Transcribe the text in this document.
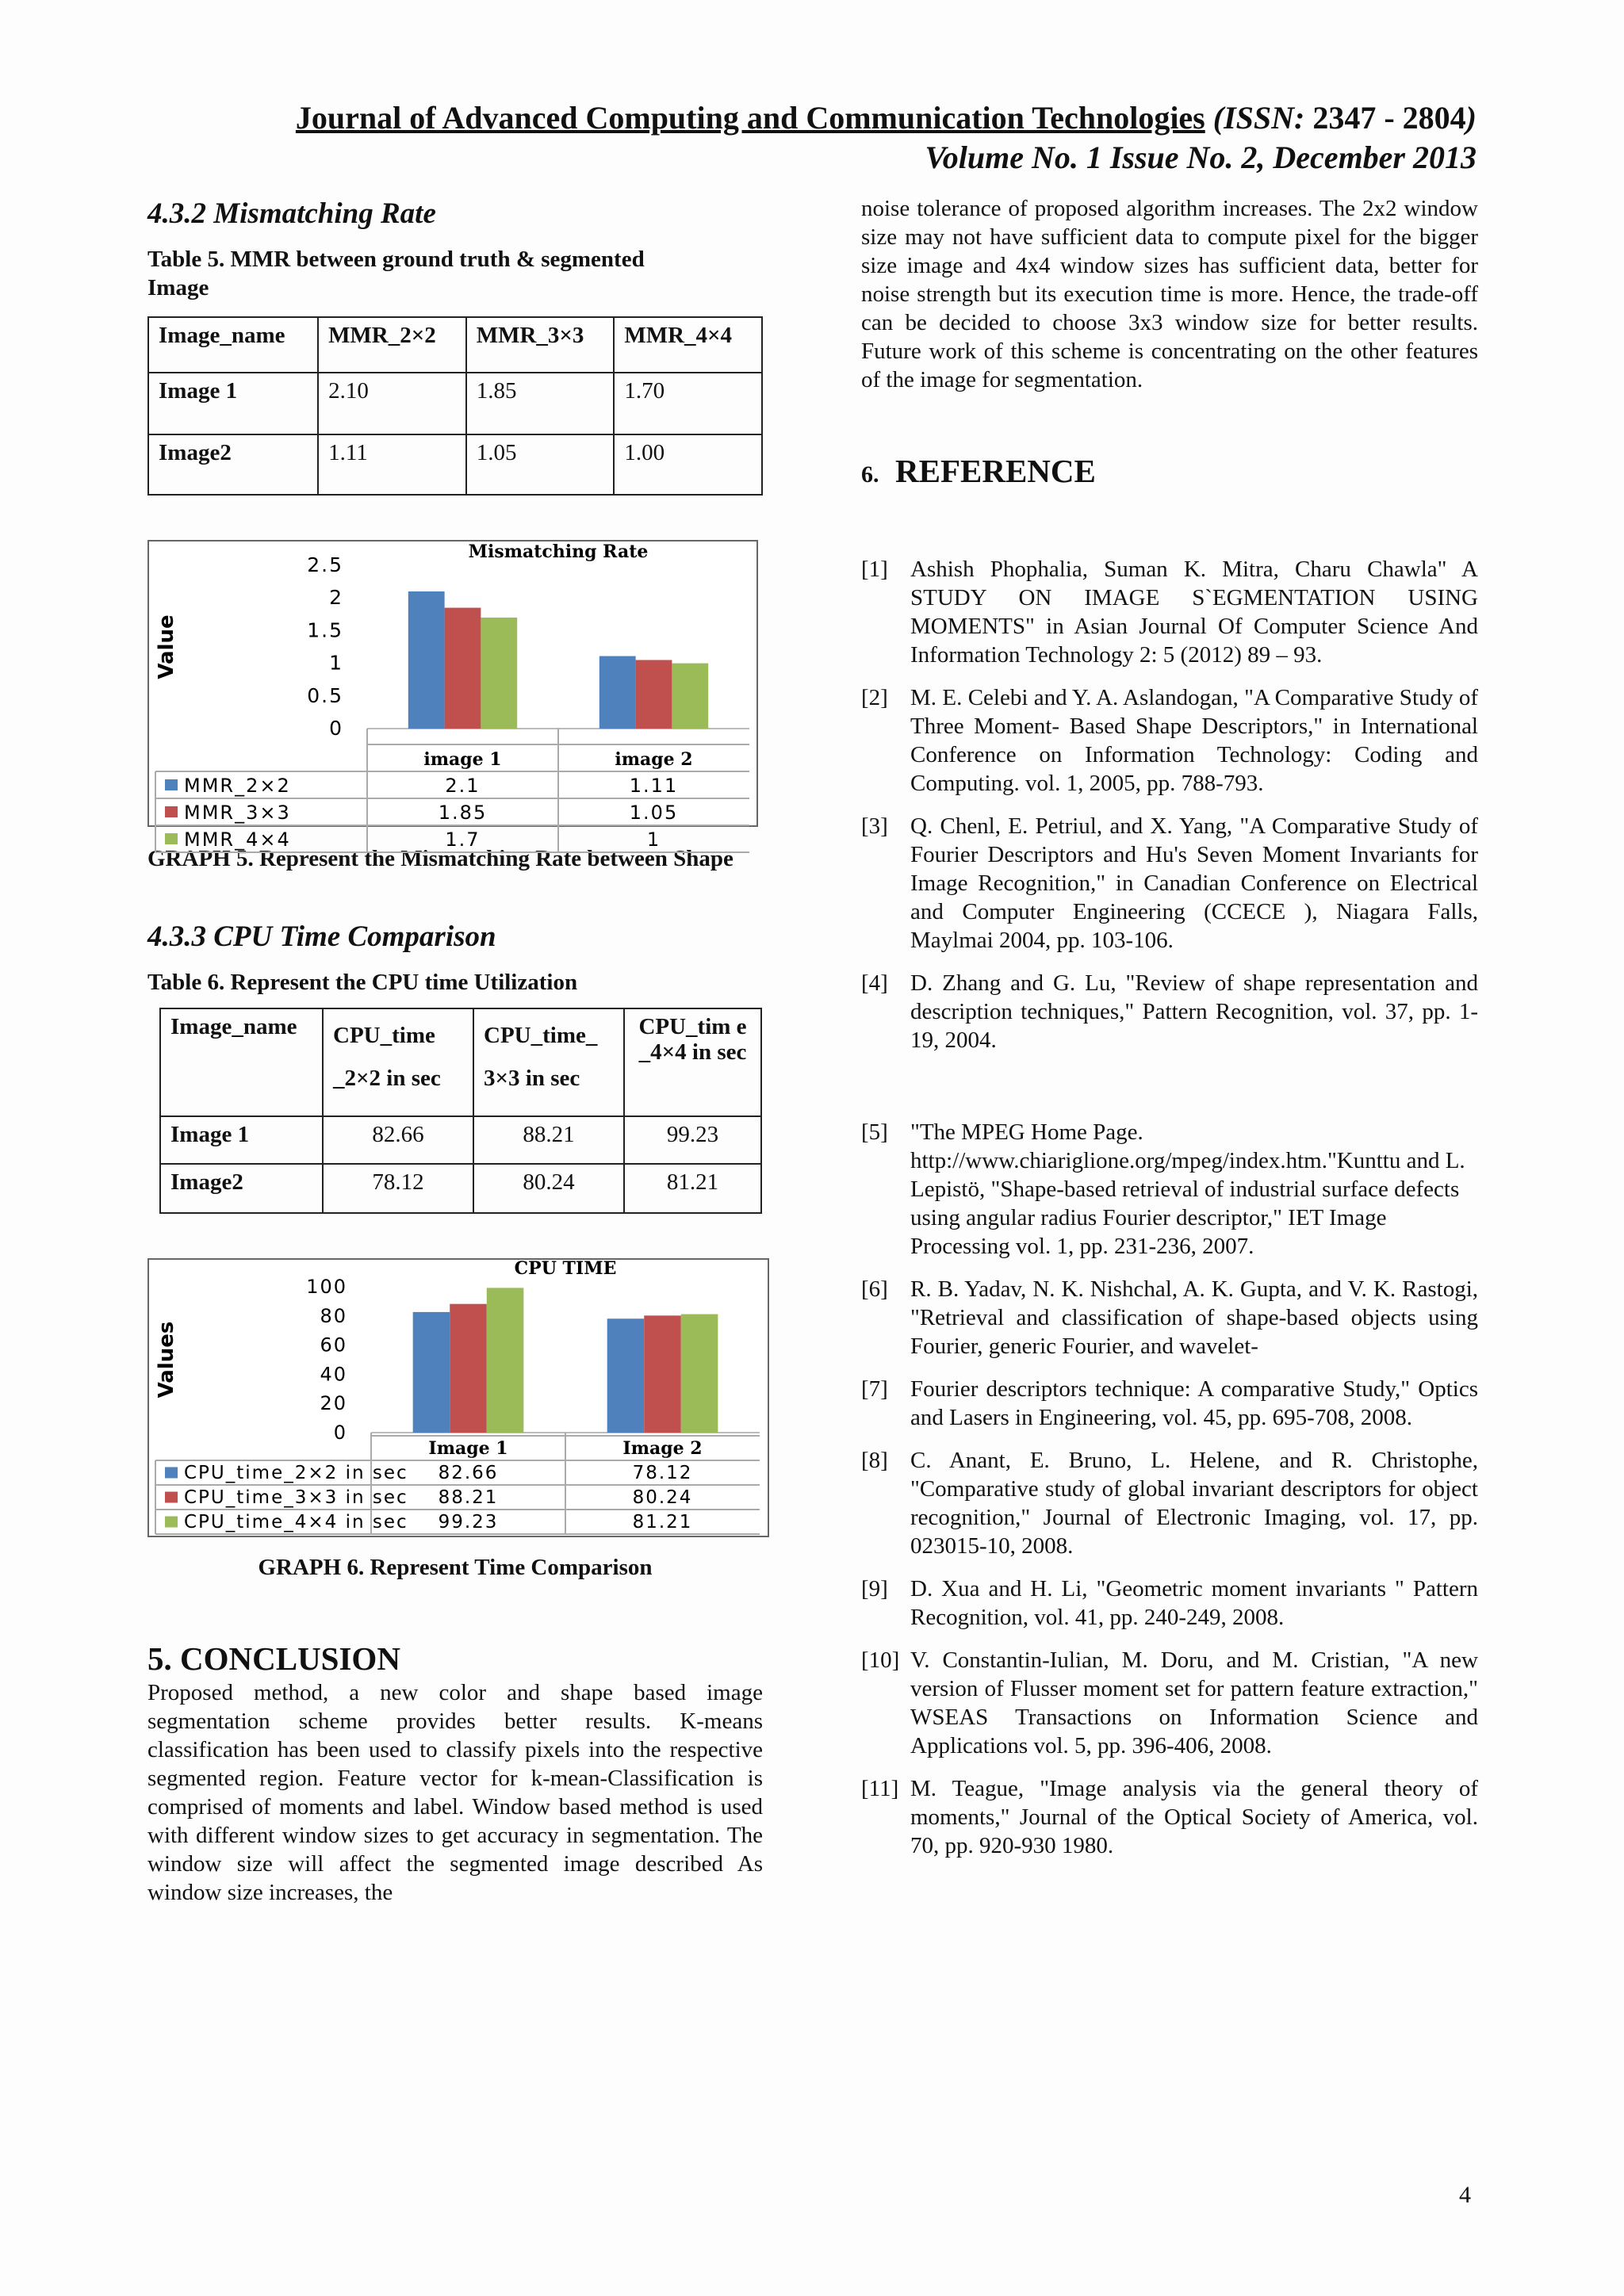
Journal of Advanced Computing and Communication Technologies (ISSN: 2347 - 2804)
Volume No. 1 Issue No. 2, December 2013
4.3.2 Mismatching Rate
Table 5. MMR between ground truth & segmented Image
Image_name	MMR_2×2	MMR_3×3	MMR_4×4
Image 1	2.10	1.85	1.70
Image2	1.11	1.05	1.00
Mismatching Rate
Value
2.5
2
1.5
1
0.5
0
image 1	image 2
MMR_2×2	2.1	1.11
MMR_3×3	1.85	1.05
MMR_4×4	1.7	1
GRAPH 5. Represent the Mismatching Rate between Shape
4.3.3 CPU Time Comparison
Table 6. Represent the CPU time Utilization
Image_name	CPU_time _2×2 in sec	CPU_time_ 3×3 in sec	CPU_tim e _4×4 in sec
Image 1	82.66	88.21	99.23
Image2	78.12	80.24	81.21
CPU TIME
Values
100
80
60
40
20
0
Image 1	Image 2
CPU_time_2×2 in sec 82.66	78.12
CPU_time_3×3 in sec 88.21	80.24
CPU_time_4×4 in sec 99.23	81.21
GRAPH 6. Represent Time Comparison
5. CONCLUSION
Proposed method, a new color and shape based image segmentation scheme provides better results. K-means classification has been used to classify pixels into the respective segmented region. Feature vector for k-mean-Classification is comprised of moments and label. Window based method is used with different window sizes to get accuracy in segmentation. The window size will affect the segmented image described As window size increases, the
noise tolerance of proposed algorithm increases. The 2x2 window size may not have sufficient data to compute pixel for the bigger size image and 4x4 window sizes has sufficient data, better for noise strength but its execution time is more. Hence, the trade-off can be decided to choose 3x3 window size for better results. Future work of this scheme is concentrating on the other features of the image for segmentation.
6. REFERENCE
[1] Ashish Phophalia, Suman K. Mitra, Charu Chawla" A STUDY ON IMAGE S`EGMENTATION USING MOMENTS" in Asian Journal Of Computer Science And Information Technology 2: 5 (2012) 89 – 93.
[2] M. E. Celebi and Y. A. Aslandogan, "A Comparative Study of Three Moment- Based Shape Descriptors," in International Conference on Information Technology: Coding and Computing. vol. 1, 2005, pp. 788-793.
[3] Q. Chenl, E. Petriul, and X. Yang, "A Comparative Study of Fourier Descriptors and Hu's Seven Moment Invariants for Image Recognition," in Canadian Conference on Electrical and Computer Engineering (CCECE ), Niagara Falls, Maylmai 2004, pp. 103-106.
[4] D. Zhang and G. Lu, "Review of shape representation and description techniques," Pattern Recognition, vol. 37, pp. 1-19, 2004.
[5] "The MPEG Home Page. http://www.chiariglione.org/mpeg/index.htm."Kunttu and L. Lepistö, "Shape-based retrieval of industrial surface defects using angular radius Fourier descriptor," IET Image Processing vol. 1, pp. 231-236, 2007.
[6] R. B. Yadav, N. K. Nishchal, A. K. Gupta, and V. K. Rastogi, "Retrieval and classification of shape-based objects using Fourier, generic Fourier, and wavelet-
[7] Fourier descriptors technique: A comparative Study," Optics and Lasers in Engineering, vol. 45, pp. 695-708, 2008.
[8] C. Anant, E. Bruno, L. Helene, and R. Christophe, "Comparative study of global invariant descriptors for object recognition," Journal of Electronic Imaging, vol. 17, pp. 023015-10, 2008.
[9] D. Xua and H. Li, "Geometric moment invariants " Pattern Recognition, vol. 41, pp. 240-249, 2008.
[10] V. Constantin-Iulian, M. Doru, and M. Cristian, "A new version of Flusser moment set for pattern feature extraction," WSEAS Transactions on Information Science and Applications vol. 5, pp. 396-406, 2008.
[11] M. Teague, "Image analysis via the general theory of moments," Journal of the Optical Society of America, vol. 70, pp. 920-930 1980.
4
